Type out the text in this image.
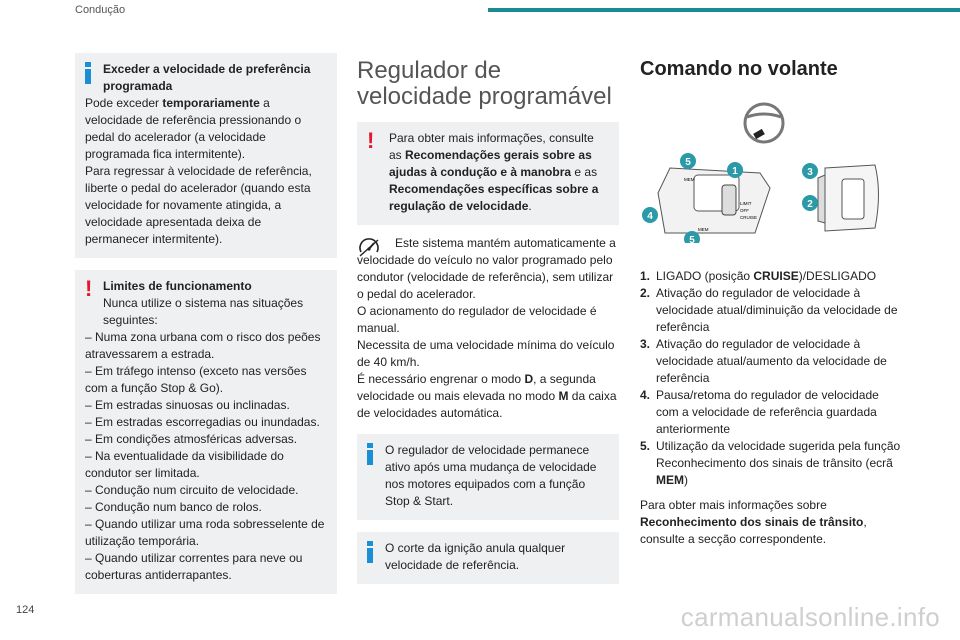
Condução

Exceder a velocidade de preferência programada

Pode exceder temporariamente a velocidade de referência pressionando o pedal do acelerador (a velocidade programada fica intermitente).

Para regressar à velocidade de referência, liberte o pedal do acelerador (quando esta velocidade for novamente atingida, a velocidade apresentada deixa de permanecer intermitente).

! Limites de funcionamento

Nunca utilize o sistema nas situações seguintes:

– Numa zona urbana com o risco dos peões atravessarem a estrada.

– Em tráfego intenso (exceto nas versões com a função Stop & Go).

– Em estradas sinuosas ou inclinadas.

– Em estradas escorregadias ou inundadas.

– Em condições atmosféricas adversas.

– Na eventualidade da visibilidade do condutor ser limitada.

– Condução num circuito de velocidade.

– Condução num banco de rolos.

– Quando utilizar uma roda sobresselente de utilização temporária.

– Quando utilizar correntes para neve ou coberturas antiderrapantes.

Regulador de velocidade programável
!	Para obter mais informações, consulte as Recomendações gerais sobre as ajudas à condução e à manobra e as Recomendações específicas sobre a regulação de velocidade.

Este sistema mantém automaticamente a velocidade do veículo no valor programado pelo condutor (velocidade de referência), sem utilizar o pedal do acelerador.

O acionamento do regulador de velocidade é manual.

Necessita de uma velocidade mínima do veículo de 40 km/h.

É necessário engrenar o modo D, a segunda velocidade ou mais elevada no modo M da caixa de velocidades automática.

O regulador de velocidade permanece ativo após uma mudança de velocidade nos motores equipados com a função Stop & Start.

O corte da ignição anula qualquer velocidade de referência.

Comando no volante
LIMIT
OFF
CRUISE
MEM
MEM
1
2
3
4
5
5
1. LIGADO (posição CRUISE)/DESLIGADO
2. Ativação do regulador de velocidade à velocidade atual/diminuição da velocidade de referência
3. Ativação do regulador de velocidade à velocidade atual/aumento da velocidade de referência
4. Pausa/retoma do regulador de velocidade com a velocidade de referência guardada anteriormente
5. Utilização da velocidade sugerida pela função Reconhecimento dos sinais de trânsito (ecrã MEM)

Para obter mais informações sobre Reconhecimento dos sinais de trânsito, consulte a secção correspondente.

124	carmanualsonline.info
